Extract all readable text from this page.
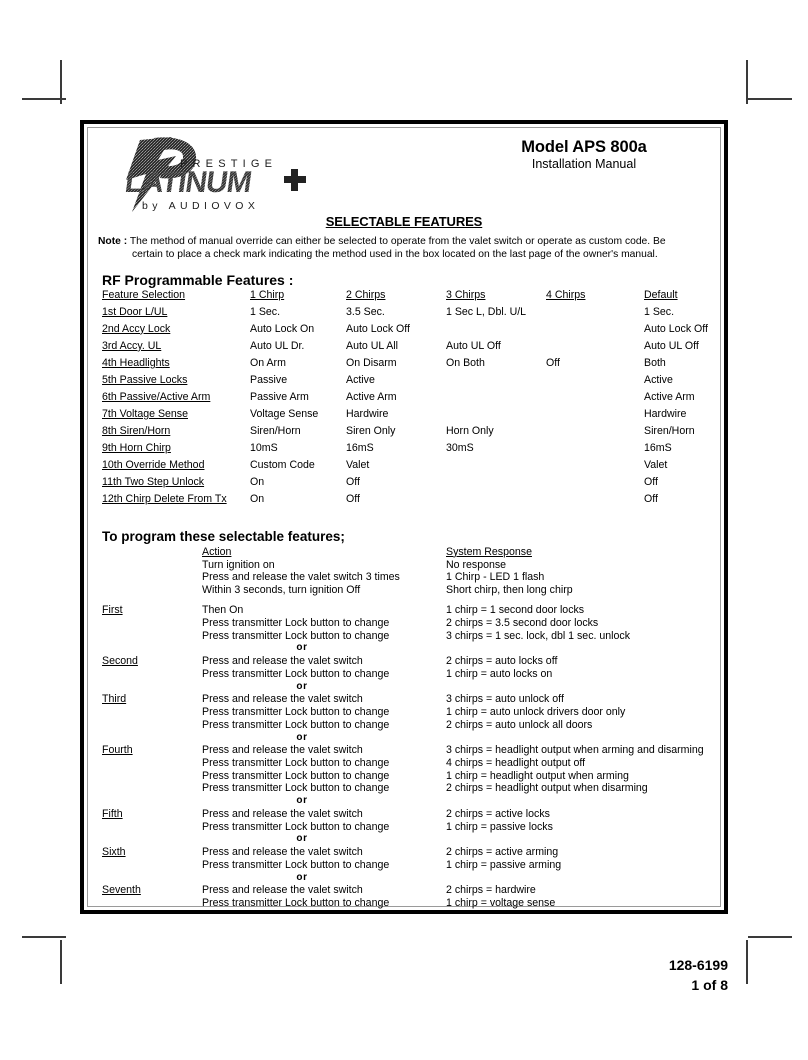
PRESTIGE
LATINUM
by AUDIOVOX
Model APS 800a
Installation Manual
SELECTABLE FEATURES
Note : The method of manual override can either be selected to operate from the valet switch or operate as custom code. Be
certain to place a check mark indicating the method used in the box located on the last page of the owner's manual.
RF Programmable Features :
Feature Selection	1 Chirp	2 Chirps	3 Chirps	4 Chirps	Default
1st Door L/UL	1 Sec.	3.5 Sec.	1 Sec L, Dbl. U/L		1 Sec.
2nd Accy Lock	Auto Lock On	Auto Lock Off			Auto Lock Off
3rd Accy. UL	Auto UL Dr.	Auto UL All	Auto UL Off		Auto UL Off
4th Headlights	On Arm	On Disarm	On Both	Off	Both
5th Passive Locks	Passive	Active			Active
6th Passive/Active Arm	Passive Arm	Active Arm			Active Arm
7th Voltage Sense	Voltage Sense	Hardwire			Hardwire
8th Siren/Horn	Siren/Horn	Siren Only	Horn Only		Siren/Horn
9th Horn Chirp	10mS	16mS	30mS		16mS
10th Override Method	Custom Code	Valet			Valet
11th Two Step Unlock	On	Off			Off
12th Chirp Delete From Tx	On	Off			Off
To program these selectable features;
Action	System Response
Turn ignition on	No response
Press and release the valet switch 3 times	1 Chirp - LED 1 flash
Within 3 seconds, turn ignition Off	Short chirp, then long chirp
First	Then On	1 chirp = 1 second door locks
Press transmitter Lock button to change	2 chirps = 3.5 second door locks
Press transmitter Lock button to change	3 chirps = 1 sec. lock, dbl 1 sec. unlock
or
Second	Press and release the valet switch	2 chirps = auto locks off
Press transmitter Lock button to change	1 chirp = auto locks on
or
Third	Press and release the valet switch	3 chirps = auto unlock off
Press transmitter Lock button to change	1 chirp = auto unlock drivers door only
Press transmitter Lock button to change	2 chirps = auto unlock all doors
or
Fourth	Press and release the valet switch	3 chirps = headlight output when arming and disarming
Press transmitter Lock button to change	4 chirps = headlight output off
Press transmitter Lock button to change	1 chirp = headlight output when arming
Press transmitter Lock button to change	2 chirps = headlight output when disarming
or
Fifth	Press and release the valet switch	2 chirps = active locks
Press transmitter Lock button to change	1 chirp = passive locks
or
Sixth	Press and release the valet switch	2 chirps = active arming
Press transmitter Lock button to change	1 chirp = passive arming
or
Seventh	Press and release the valet switch	2 chirps = hardwire
Press transmitter Lock button to change	1 chirp = voltage sense
128-6199
1 of 8
